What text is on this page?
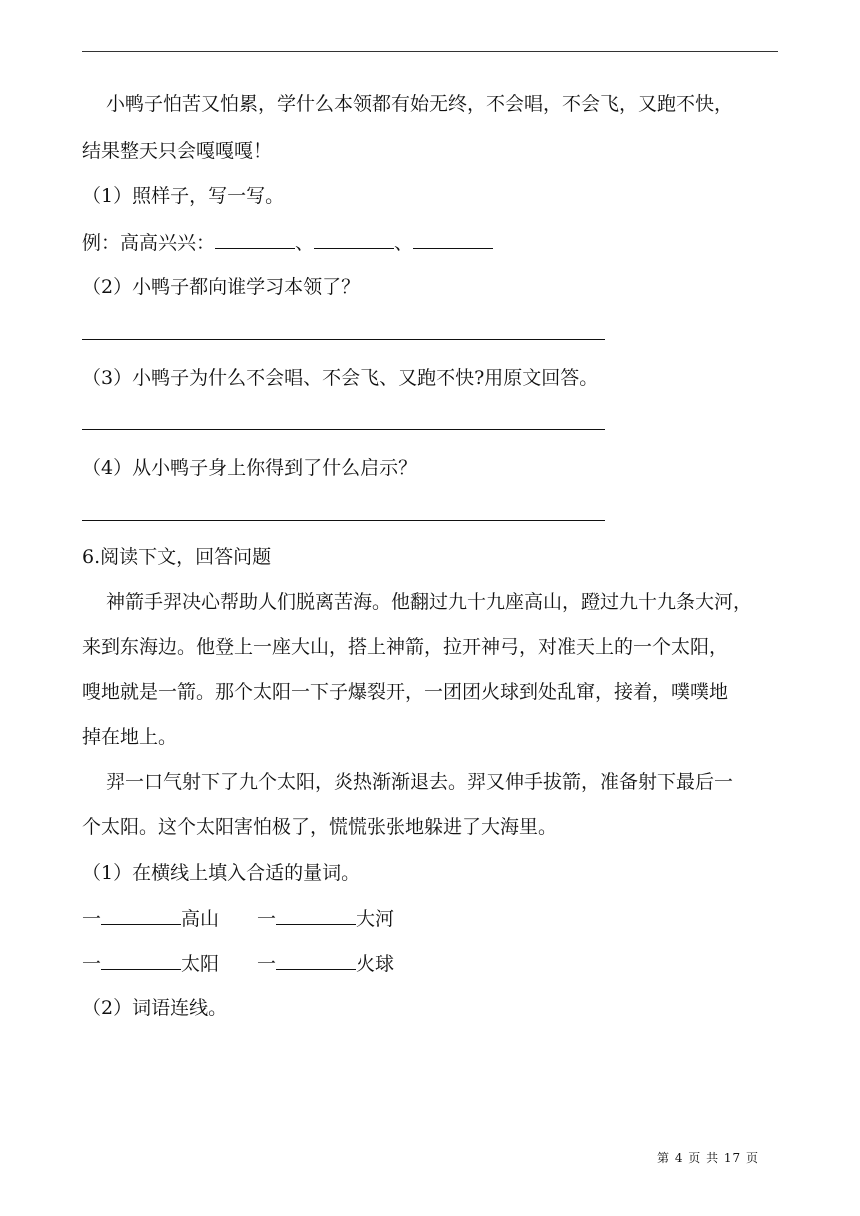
小鸭子怕苦又怕累，学什么本领都有始无终，不会唱，不会飞，又跑不快，
结果整天只会嘎嘎嘎！
（1）照样子，写一写。
例：高高兴兴：	、	、
（2）小鸭子都向谁学习本领了？
（3）小鸭子为什么不会唱、不会飞、又跑不快?用原文回答。
（4）从小鸭子身上你得到了什么启示？
6.阅读下文，回答问题
神箭手羿决心帮助人们脱离苦海。他翻过九十九座高山，蹬过九十九条大河，
来到东海边。他登上一座大山，搭上神箭，拉开神弓，对准天上的一个太阳，
嗖地就是一箭。那个太阳一下子爆裂开，一团团火球到处乱窜，接着，噗噗地
掉在地上。
羿一口气射下了九个太阳，炎热渐渐退去。羿又伸手拔箭，准备射下最后一
个太阳。这个太阳害怕极了，慌慌张张地躲进了大海里。
（1）在横线上填入合适的量词。
一	高山 一	大河
一	太阳 一	火球
（2）词语连线。
第 4 页 共 17 页
